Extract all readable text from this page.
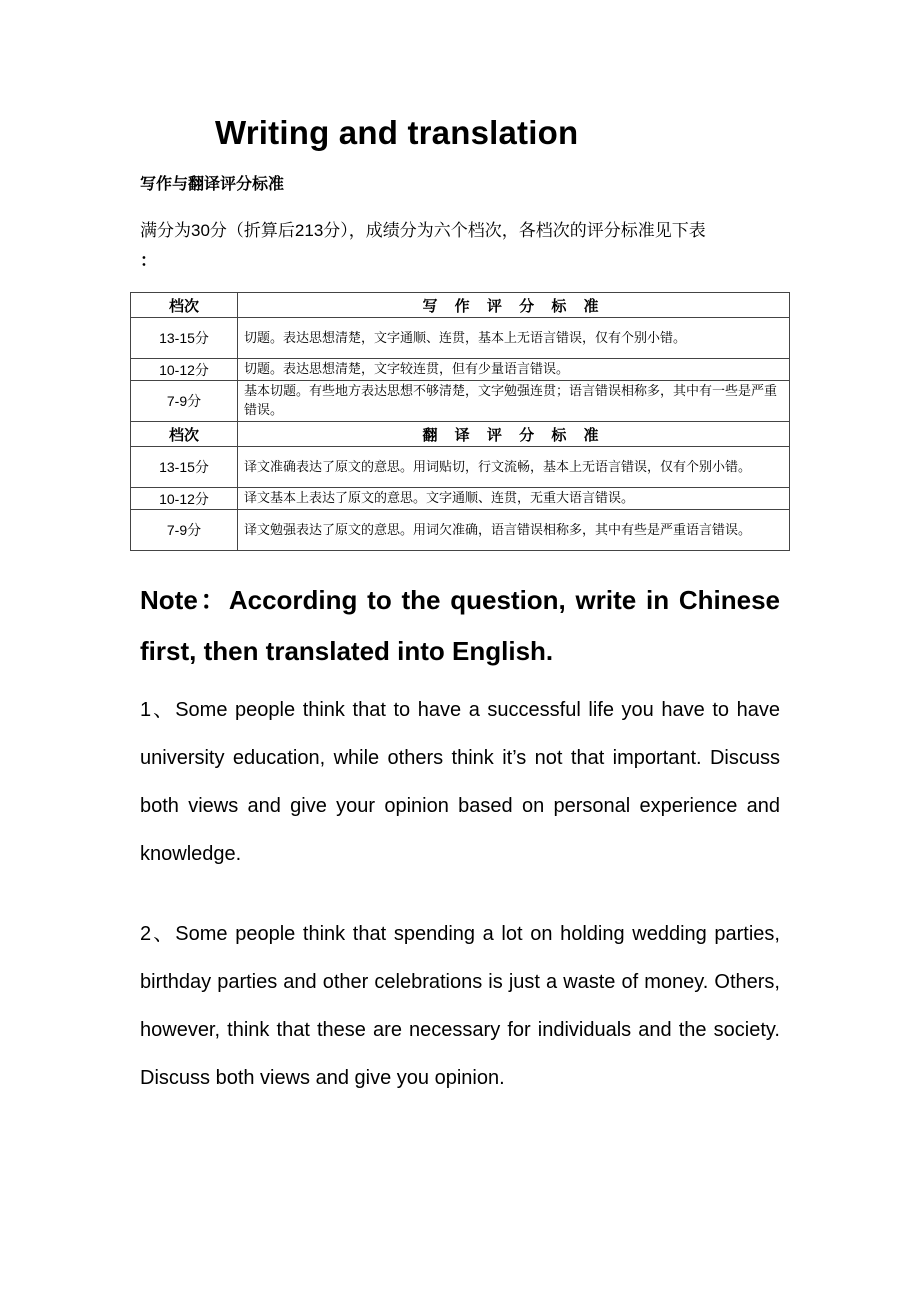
Writing and translation

写作与翻译评分标准

满分为30分（折算后213分），成绩分为六个档次，各档次的评分标准见下表
：

档次	写 作 评 分 标 准
13-15分	切题。表达思想清楚，文字通顺、连贯，基本上无语言错误，仅有个别小错。
10-12分	切题。表达思想清楚，文字较连贯，但有少量语言错误。
7-9分	基本切题。有些地方表达思想不够清楚，文字勉强连贯；语言错误相称多，其中有一些是严重错误。
档次	翻 译 评 分 标 准
13-15分	译文准确表达了原文的意思。用词贴切，行文流畅，基本上无语言错误，仅有个别小错。
10-12分	译文基本上表达了原文的意思。文字通顺、连贯，无重大语言错误。
7-9分	译文勉强表达了原文的意思。用词欠准确，语言错误相称多，其中有些是严重语言错误。

Note：According to the question, write in Chinese first, then translated into English.

1、Some people think that to have a successful life you have to have university education, while others think it’s not that important. Discuss both views and give your opinion based on personal experience and knowledge.

2、Some people think that spending a lot on holding wedding parties, birthday parties and other celebrations is just a waste of money. Others, however, think that these are necessary for individuals and the society. Discuss both views and give you opinion.
